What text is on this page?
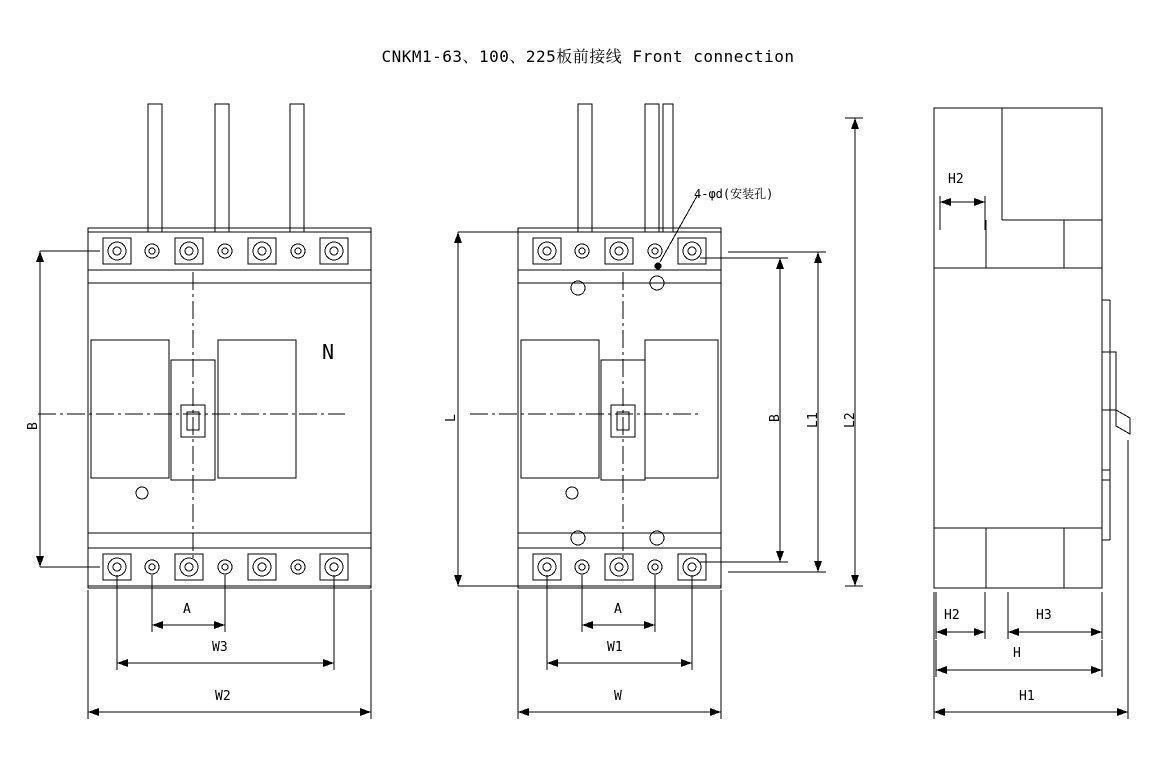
CNKM1-63、100、225板前接线 Front connection
B
A
W3
W2
N
L
A
W1
W
B L1 L2
4-φd(安装孔)
H2
H2	H3
H
H1
